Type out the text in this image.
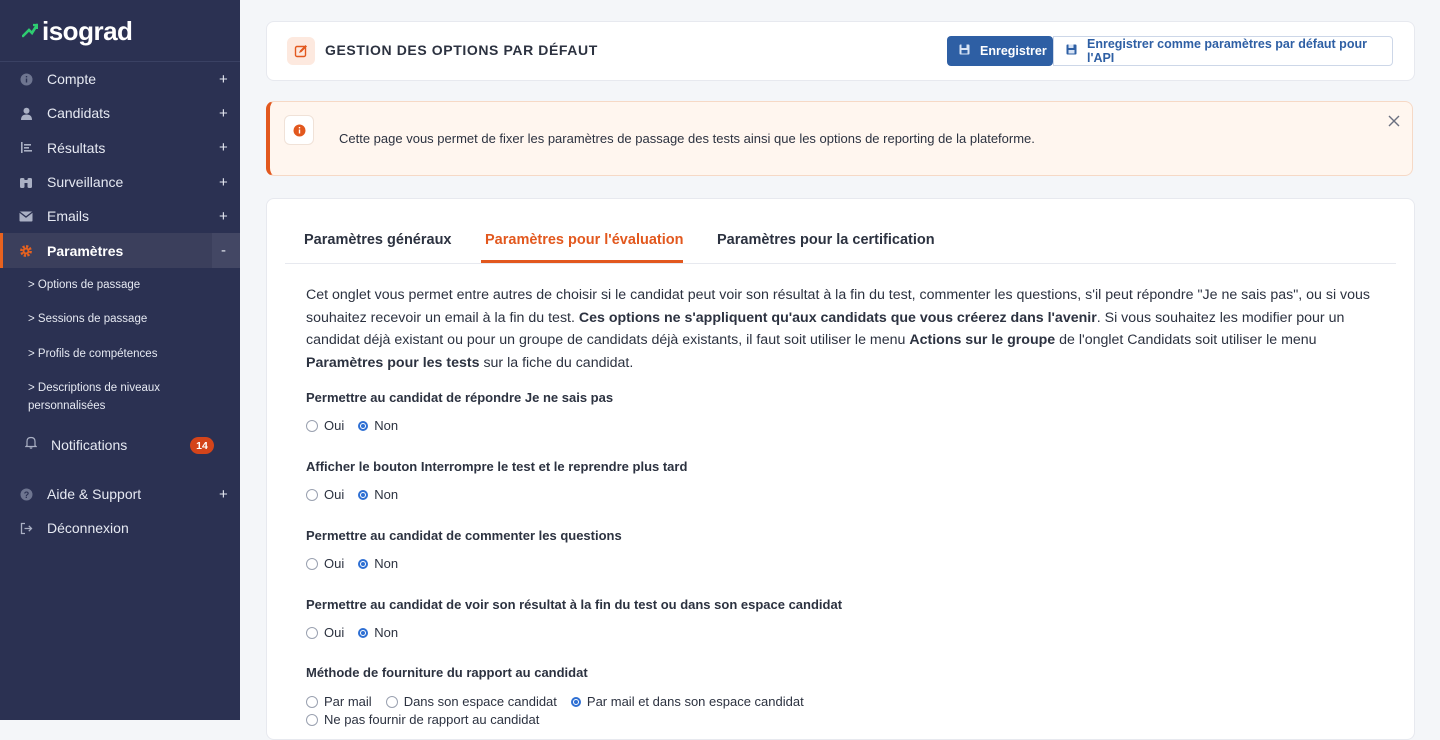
isograd
Compte	+
Candidats	+
Résultats	+
Surveillance	+
Emails	+
Paramètres	-
> Options de passage
> Sessions de passage
> Profils de compétences
> Descriptions de niveaux
personnalisées
Notifications	14
? Aide & Support	+
Déconnexion
GESTION DES OPTIONS PAR DÉFAUT	Enregistrer	Enregistrer comme paramètres par défaut pour l'API
Cette page vous permet de fixer les paramètres de passage des tests ainsi que les options de reporting de la plateforme.
Paramètres généraux Paramètres pour l'évaluation Paramètres pour la certification
Cet onglet vous permet entre autres de choisir si le candidat peut voir son résultat à la fin du test, commenter les questions, s'il peut répondre "Je ne sais pas", ou si vous souhaitez recevoir un email à la fin du test. Ces options ne s'appliquent qu'aux candidats que vous créerez dans l'avenir. Si vous souhaitez les modifier pour un candidat déjà existant ou pour un groupe de candidats déjà existants, il faut soit utiliser le menu Actions sur le groupe de l'onglet Candidats soit utiliser le menu Paramètres pour les tests sur la fiche du candidat.
Permettre au candidat de répondre Je ne sais pas
Oui Non
Afficher le bouton Interrompre le test et le reprendre plus tard
Oui Non
Permettre au candidat de commenter les questions
Oui Non
Permettre au candidat de voir son résultat à la fin du test ou dans son espace candidat
Oui Non
Méthode de fourniture du rapport au candidat
Par mail Dans son espace candidat Par mail et dans son espace candidat
Ne pas fournir de rapport au candidat
